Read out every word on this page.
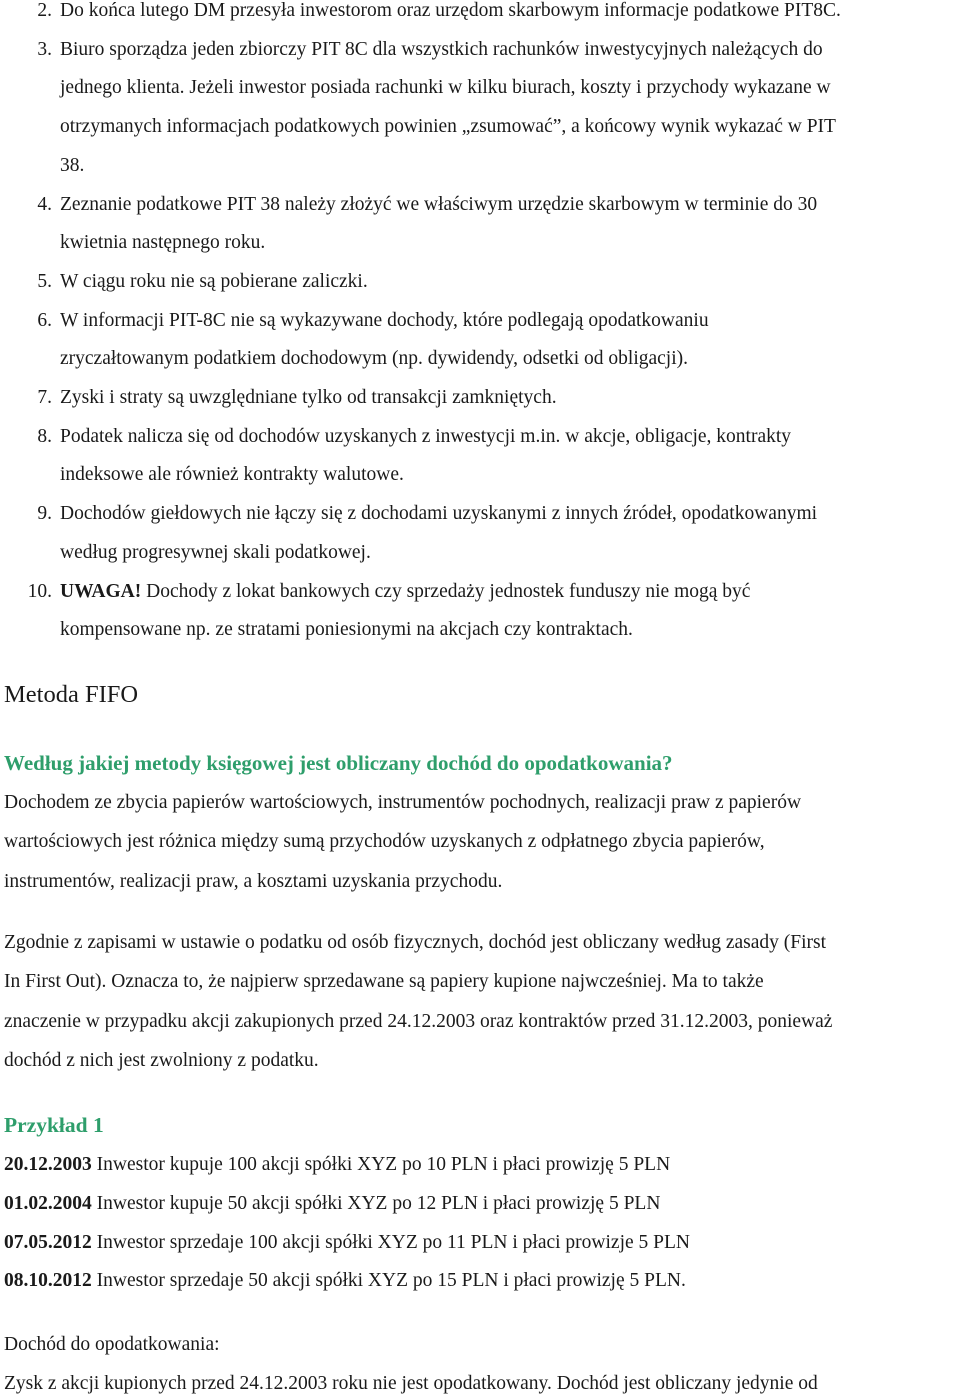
2. Do końca lutego DM przesyła inwestorom oraz urzędom skarbowym informacje podatkowe PIT8C.
3. Biuro sporządza jeden zbiorczy PIT 8C dla wszystkich rachunków inwestycyjnych należących do
jednego klienta. Jeżeli inwestor posiada rachunki w kilku biurach, koszty i przychody wykazane w
otrzymanych informacjach podatkowych powinien „zsumować”, a końcowy wynik wykazać w PIT
38.
4. Zeznanie podatkowe PIT 38 należy złożyć we właściwym urzędzie skarbowym w terminie do 30
kwietnia następnego roku.
5. W ciągu roku nie są pobierane zaliczki.
6. W informacji PIT-8C nie są wykazywane dochody, które podlegają opodatkowaniu
zryczałtowanym podatkiem dochodowym (np. dywidendy, odsetki od obligacji).
7. Zyski i straty są uwzględniane tylko od transakcji zamkniętych.
8. Podatek nalicza się od dochodów uzyskanych z inwestycji m.in. w akcje, obligacje, kontrakty
indeksowe ale również kontrakty walutowe.
9. Dochodów giełdowych nie łączy się z dochodami uzyskanymi z innych źródeł, opodatkowanymi
według progresywnej skali podatkowej.
10. UWAGA! Dochody z lokat bankowych czy sprzedaży jednostek funduszy nie mogą być
kompensowane np. ze stratami poniesionymi na akcjach czy kontraktach.
Metoda FIFO
Według jakiej metody księgowej jest obliczany dochód do opodatkowania?
Dochodem ze zbycia papierów wartościowych, instrumentów pochodnych, realizacji praw z papierów
wartościowych jest różnica między sumą przychodów uzyskanych z odpłatnego zbycia papierów,
instrumentów, realizacji praw, a kosztami uzyskania przychodu.
Zgodnie z zapisami w ustawie o podatku od osób fizycznych, dochód jest obliczany według zasady (First
In First Out). Oznacza to, że najpierw sprzedawane są papiery kupione najwcześniej. Ma to także
znaczenie w przypadku akcji zakupionych przed 24.12.2003 oraz kontraktów przed 31.12.2003, ponieważ
dochód z nich jest zwolniony z podatku.
Przykład 1
20.12.2003 Inwestor kupuje 100 akcji spółki XYZ po 10 PLN i płaci prowizję 5 PLN
01.02.2004 Inwestor kupuje 50 akcji spółki XYZ po 12 PLN i płaci prowizję 5 PLN
07.05.2012 Inwestor sprzedaje 100 akcji spółki XYZ po 11 PLN i płaci prowizje 5 PLN
08.10.2012 Inwestor sprzedaje 50 akcji spółki XYZ po 15 PLN i płaci prowizję 5 PLN.
Dochód do opodatkowania:
Zysk z akcji kupionych przed 24.12.2003 roku nie jest opodatkowany. Dochód jest obliczany jedynie od
